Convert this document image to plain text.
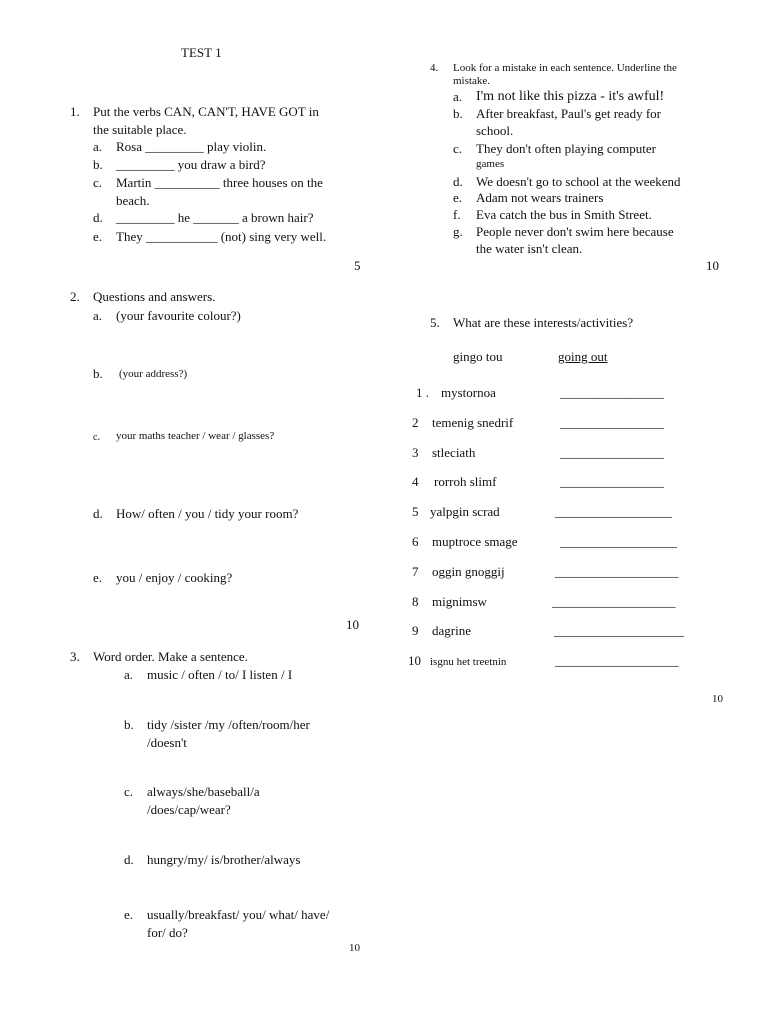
TEST 1
1. Put the verbs CAN, CAN'T, HAVE GOT in
the suitable place.
a. Rosa _________ play violin.
b. _________ you draw a bird?
c. Martin __________ three houses on the
beach.
d. _________ he _______ a brown hair?
e. They ___________ (not) sing very well.
5
2. Questions and answers.
a. (your favourite colour?)
b. (your address?)
c. your maths teacher / wear / glasses?
d. How/ often / you / tidy your room?
e. you / enjoy / cooking?
10
3. Word order. Make a sentence.
a. music / often / to/ I listen / I
b. tidy /sister /my /often/room/her
/doesn't
c. always/she/baseball/a
/does/cap/wear?
d. hungry/my/ is/brother/always
e. usually/breakfast/ you/ what/ have/
for/ do?
10
4. Look for a mistake in each sentence. Underline the
mistake.
a. I'm not like this pizza - it's awful!
b. After breakfast, Paul's get ready for
school.
c. They don't often playing computer
games
d. We doesn't go to school at the weekend
e. Adam not wears trainers
f. Eva catch the bus in Smith Street.
g. People never don't swim here because
the water isn't clean.
10
5. What are these interests/activities?
gingo tou	going out
1 . mystornoa	________________
2 temenig snedrif	________________
3 stleciath	________________
4 rorroh slimf	________________
5 yalpgin scrad	__________________
6 muptroce smage	__________________
7 oggin gnoggij	___________________
8 mignimsw	___________________
9 dagrine	____________________
10 isgnu het treetnin	___________________
10
